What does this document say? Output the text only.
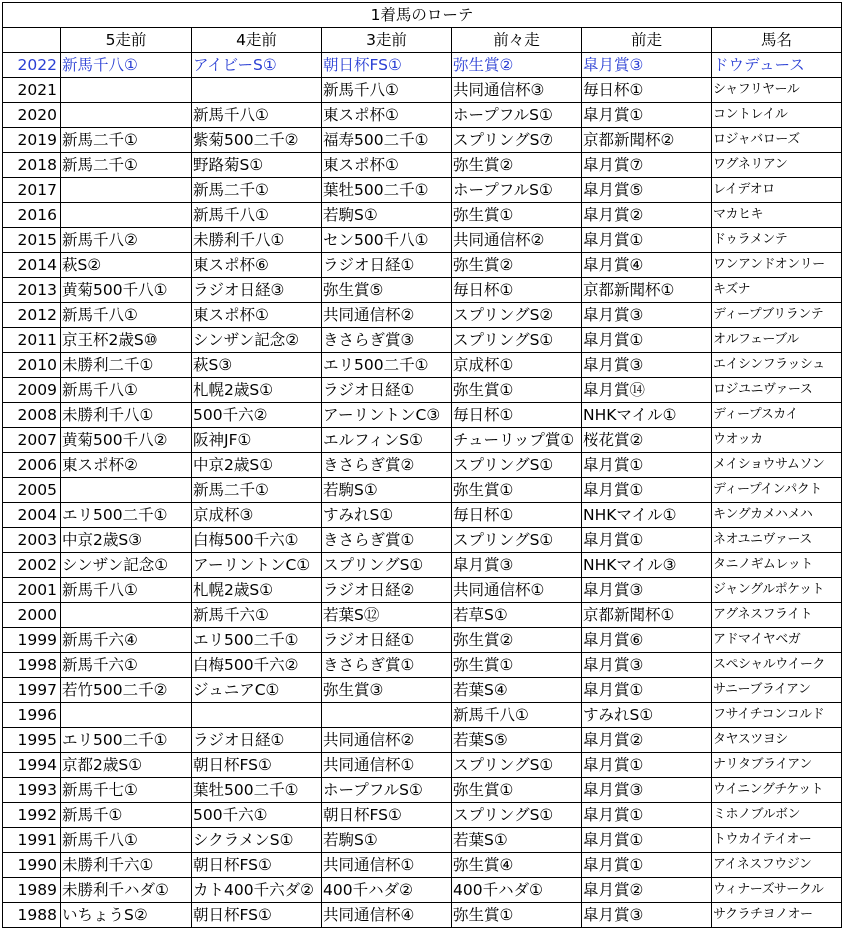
1着馬のローテ						
	5走前	4走前	3走前	前々走	前走	馬名
2022	新馬千八①	アイビーS①	朝日杯FS①	弥生賞②	皐月賞③	ドウデュース
2021			新馬千八①	共同通信杯③	毎日杯①	シャフリヤール
2020		新馬千八①	東スポ杯①	ホープフルS①	皐月賞①	コントレイル
2019	新馬二千①	紫菊500二千②	福寿500二千①	スプリングS⑦	京都新聞杯②	ロジャバローズ
2018	新馬二千①	野路菊S①	東スポ杯①	弥生賞②	皐月賞⑦	ワグネリアン
2017		新馬二千①	葉牡500二千①	ホープフルS①	皐月賞⑤	レイデオロ
2016		新馬千八①	若駒S①	弥生賞①	皐月賞②	マカヒキ
2015	新馬千八②	未勝利千八①	セン500千八①	共同通信杯②	皐月賞①	ドゥラメンテ
2014	萩S②	東スポ杯⑥	ラジオ日経①	弥生賞②	皐月賞④	ワンアンドオンリー
2013	黄菊500千八①	ラジオ日経③	弥生賞⑤	毎日杯①	京都新聞杯①	キズナ
2012	新馬千八①	東スポ杯①	共同通信杯②	スプリングS②	皐月賞③	ディープブリランテ
2011	京王杯2歳S⑩	シンザン記念②	きさらぎ賞③	スプリングS①	皐月賞①	オルフェーブル
2010	未勝利二千①	萩S③	エリ500二千①	京成杯①	皐月賞③	エイシンフラッシュ
2009	新馬千八①	札幌2歳S①	ラジオ日経①	弥生賞①	皐月賞⑭	ロジユニヴァース
2008	未勝利千八①	500千六②	アーリントンC③	毎日杯①	NHKマイル①	ディープスカイ
2007	黄菊500千八②	阪神JF①	エルフィンS①	チューリップ賞①	桜花賞②	ウオッカ
2006	東スポ杯②	中京2歳S①	きさらぎ賞②	スプリングS①	皐月賞①	メイショウサムソン
2005		新馬二千①	若駒S①	弥生賞①	皐月賞①	ディープインパクト
2004	エリ500二千①	京成杯③	すみれS①	毎日杯①	NHKマイル①	キングカメハメハ
2003	中京2歳S③	白梅500千六①	きさらぎ賞①	スプリングS①	皐月賞①	ネオユニヴァース
2002	シンザン記念①	アーリントンC①	スプリングS①	皐月賞③	NHKマイル③	タニノギムレット
2001	新馬千八①	札幌2歳S①	ラジオ日経②	共同通信杯①	皐月賞③	ジャングルポケット
2000		新馬千六①	若葉S⑫	若草S①	京都新聞杯①	アグネスフライト
1999	新馬千六④	エリ500二千①	ラジオ日経①	弥生賞②	皐月賞⑥	アドマイヤベガ
1998	新馬千六①	白梅500千六②	きさらぎ賞①	弥生賞①	皐月賞③	スペシャルウイーク
1997	若竹500二千②	ジュニアC①	弥生賞③	若葉S④	皐月賞①	サニーブライアン
1996				新馬千八①	すみれS①	フサイチコンコルド
1995	エリ500二千①	ラジオ日経①	共同通信杯②	若葉S⑤	皐月賞②	タヤスツヨシ
1994	京都2歳S①	朝日杯FS①	共同通信杯①	スプリングS①	皐月賞①	ナリタブライアン
1993	新馬千七①	葉牡500二千①	ホープフルS①	弥生賞①	皐月賞③	ウイニングチケット
1992	新馬千①	500千六①	朝日杯FS①	スプリングS①	皐月賞①	ミホノブルボン
1991	新馬千八①	シクラメンS①	若駒S①	若葉S①	皐月賞①	トウカイテイオー
1990	未勝利千六①	朝日杯FS①	共同通信杯①	弥生賞④	皐月賞①	アイネスフウジン
1989	未勝利千ハダ①	カト400千六ダ②	400千ハダ②	400千ハダ①	皐月賞②	ウィナーズサークル
1988	いちょうS②	朝日杯FS①	共同通信杯④	弥生賞①	皐月賞③	サクラチヨノオー
